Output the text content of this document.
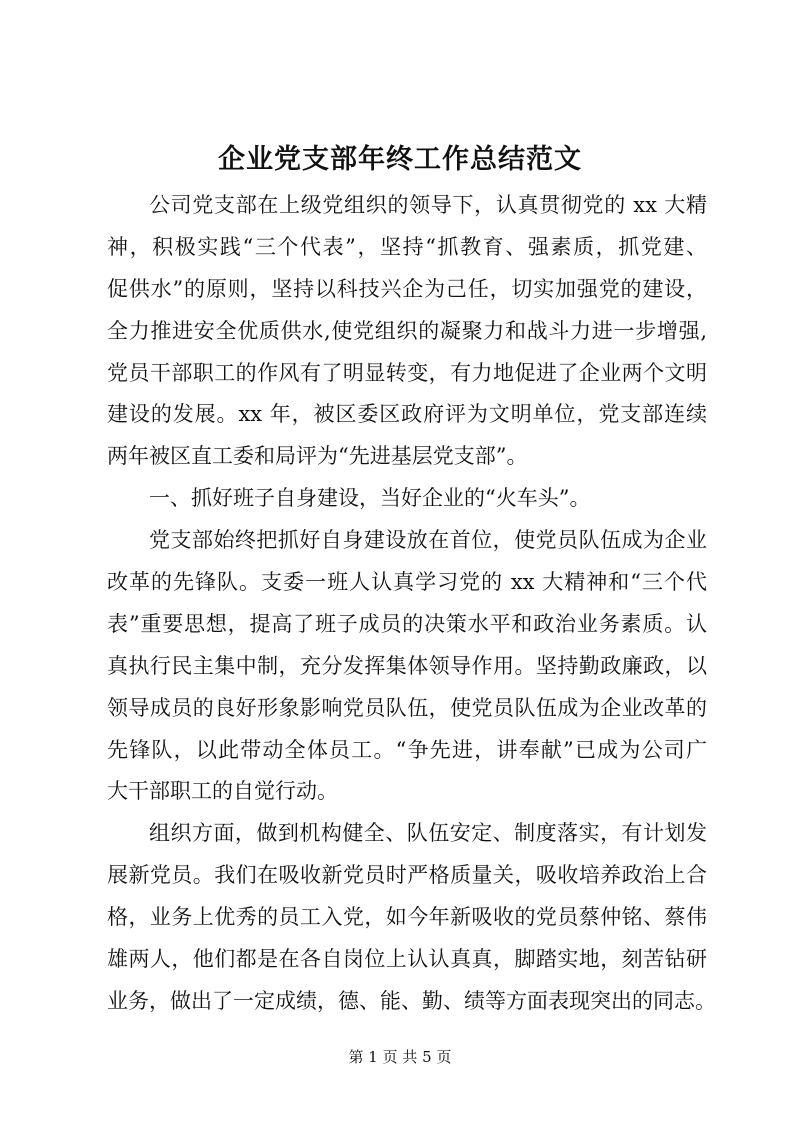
企业党支部年终工作总结范文
公司党支部在上级党组织的领导下，认真贯彻党的 xx 大精
神，积极实践“三个代表”，坚持“抓教育、强素质，抓党建、
促供水”的原则，坚持以科技兴企为己任，切实加强党的建设，
全力推进安全优质供水,使党组织的凝聚力和战斗力进一步增强,
党员干部职工的作风有了明显转变，有力地促进了企业两个文明
建设的发展。xx 年，被区委区政府评为文明单位，党支部连续
两年被区直工委和局评为“先进基层党支部”。
一、抓好班子自身建设，当好企业的“火车头”。
党支部始终把抓好自身建设放在首位，使党员队伍成为企业
改革的先锋队。支委一班人认真学习党的 xx 大精神和“三个代
表”重要思想，提高了班子成员的决策水平和政治业务素质。认
真执行民主集中制，充分发挥集体领导作用。坚持勤政廉政，以
领导成员的良好形象影响党员队伍，使党员队伍成为企业改革的
先锋队，以此带动全体员工。“争先进，讲奉献”已成为公司广
大干部职工的自觉行动。
组织方面，做到机构健全、队伍安定、制度落实，有计划发
展新党员。我们在吸收新党员时严格质量关，吸收培养政治上合
格，业务上优秀的员工入党，如今年新吸收的党员蔡仲铭、蔡伟
雄两人，他们都是在各自岗位上认认真真，脚踏实地，刻苦钻研
业务，做出了一定成绩，德、能、勤、绩等方面表现突出的同志。
第 1 页 共 5 页
